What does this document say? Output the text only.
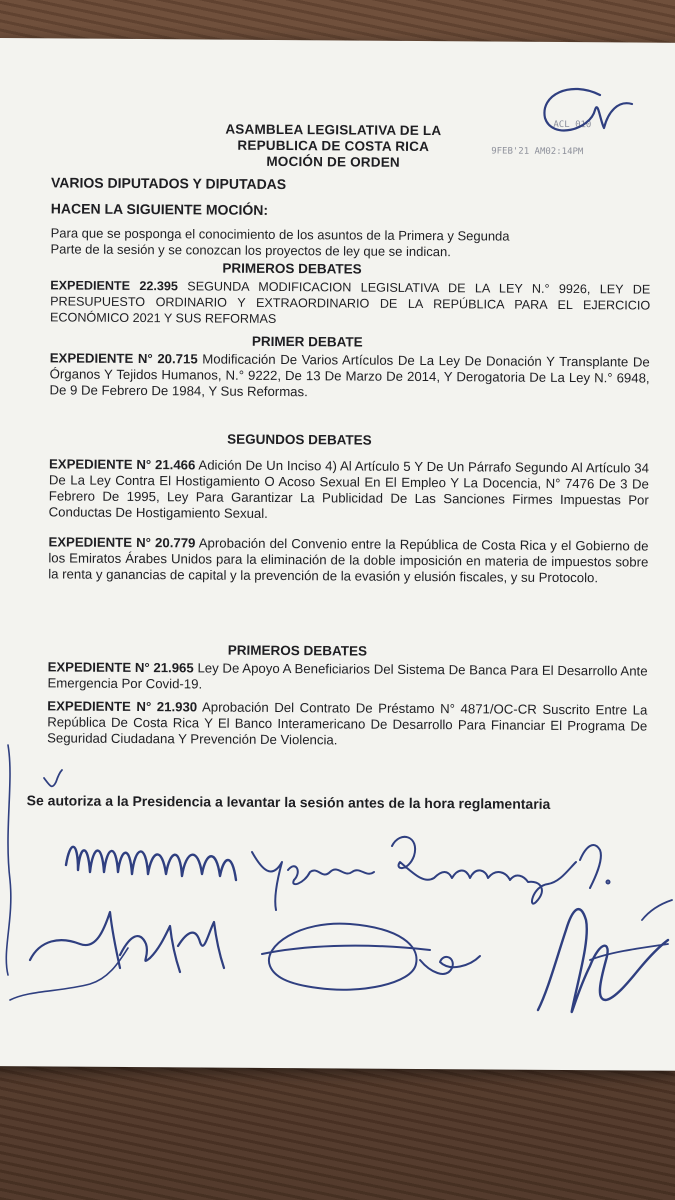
ASAMBLEA LEGISLATIVA DE LA
REPUBLICA DE COSTA RICA
MOCIÓN DE ORDEN
ACL 010
9FEB'21 AM02:14PM
VARIOS DIPUTADOS Y DIPUTADAS
HACEN LA SIGUIENTE MOCIÓN:
Para que se posponga el conocimiento de los asuntos de la Primera y Segunda Parte de la sesión y se conozcan los proyectos de ley que se indican.
PRIMEROS DEBATES
EXPEDIENTE 22.395 SEGUNDA MODIFICACION LEGISLATIVA DE LA LEY N.° 9926, LEY DE PRESUPUESTO ORDINARIO Y EXTRAORDINARIO DE LA REPÚBLICA PARA EL EJERCICIO ECONÓMICO 2021 Y SUS REFORMAS
PRIMER DEBATE
EXPEDIENTE N° 20.715 Modificación De Varios Artículos De La Ley De Donación Y Transplante De Órganos Y Tejidos Humanos, N.° 9222, De 13 De Marzo De 2014, Y Derogatoria De La Ley N.° 6948, De 9 De Febrero De 1984, Y Sus Reformas.
SEGUNDOS DEBATES
EXPEDIENTE N° 21.466 Adición De Un Inciso 4) Al Artículo 5 Y De Un Párrafo Segundo Al Artículo 34 De La Ley Contra El Hostigamiento O Acoso Sexual En El Empleo Y La Docencia, N° 7476 De 3 De Febrero De 1995, Ley Para Garantizar La Publicidad De Las Sanciones Firmes Impuestas Por Conductas De Hostigamiento Sexual.
EXPEDIENTE N° 20.779 Aprobación del Convenio entre la República de Costa Rica y el Gobierno de los Emiratos Árabes Unidos para la eliminación de la doble imposición en materia de impuestos sobre la renta y ganancias de capital y la prevención de la evasión y elusión fiscales, y su Protocolo.
PRIMEROS DEBATES
EXPEDIENTE N° 21.965 Ley De Apoyo A Beneficiarios Del Sistema De Banca Para El Desarrollo Ante Emergencia Por Covid-19.
EXPEDIENTE N° 21.930 Aprobación Del Contrato De Préstamo N° 4871/OC-CR Suscrito Entre La República De Costa Rica Y El Banco Interamericano De Desarrollo Para Financiar El Programa De Seguridad Ciudadana Y Prevención De Violencia.
Se autoriza a la Presidencia a levantar la sesión antes de la hora reglamentaria
